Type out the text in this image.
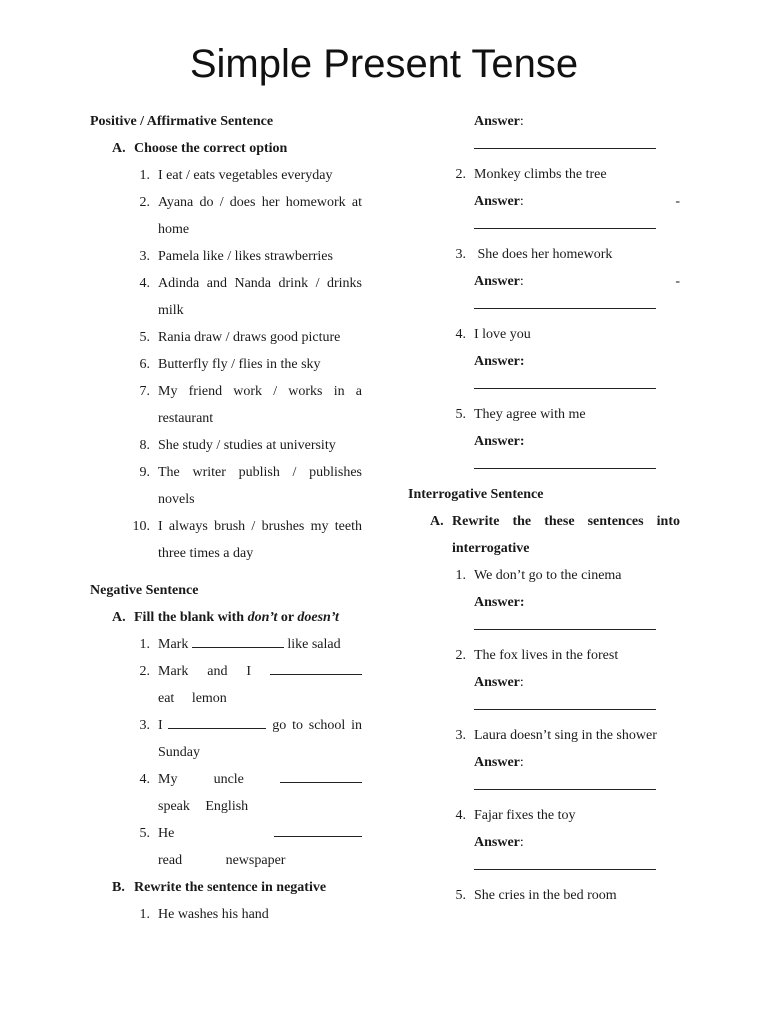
Simple Present Tense
Positive / Affirmative Sentence
A. Choose the correct option
1. I eat / eats vegetables everyday
2. Ayana do / does her homework at home
3. Pamela like / likes strawberries
4. Adinda and Nanda drink / drinks milk
5. Rania draw / draws good picture
6. Butterfly fly / flies in the sky
7. My friend work / works in a restaurant
8. She study / studies at university
9. The writer publish / publishes novels
10. I always brush / brushes my teeth three times a day
Negative Sentence
A. Fill the blank with don’t or doesn’t
1. Mark	like salad
2. Mark and I  eat lemon
3. I	go to school in Sunday
4. My uncle  speak English
5. He  read newspaper
B. Rewrite the sentence in negative
1. He washes his hand
Answer:
2. Monkey climbs the tree
Answer:	-
3. She does her homework
Answer:	-
4. I love you
Answer:
5. They agree with me
Answer:
Interrogative Sentence
A. Rewrite the these sentences into interrogative
1. We don’t go to the cinema
Answer:
2. The fox lives in the forest
Answer:
3. Laura doesn’t sing in the shower
Answer:
4. Fajar fixes the toy
Answer:
5. She cries in the bed room
